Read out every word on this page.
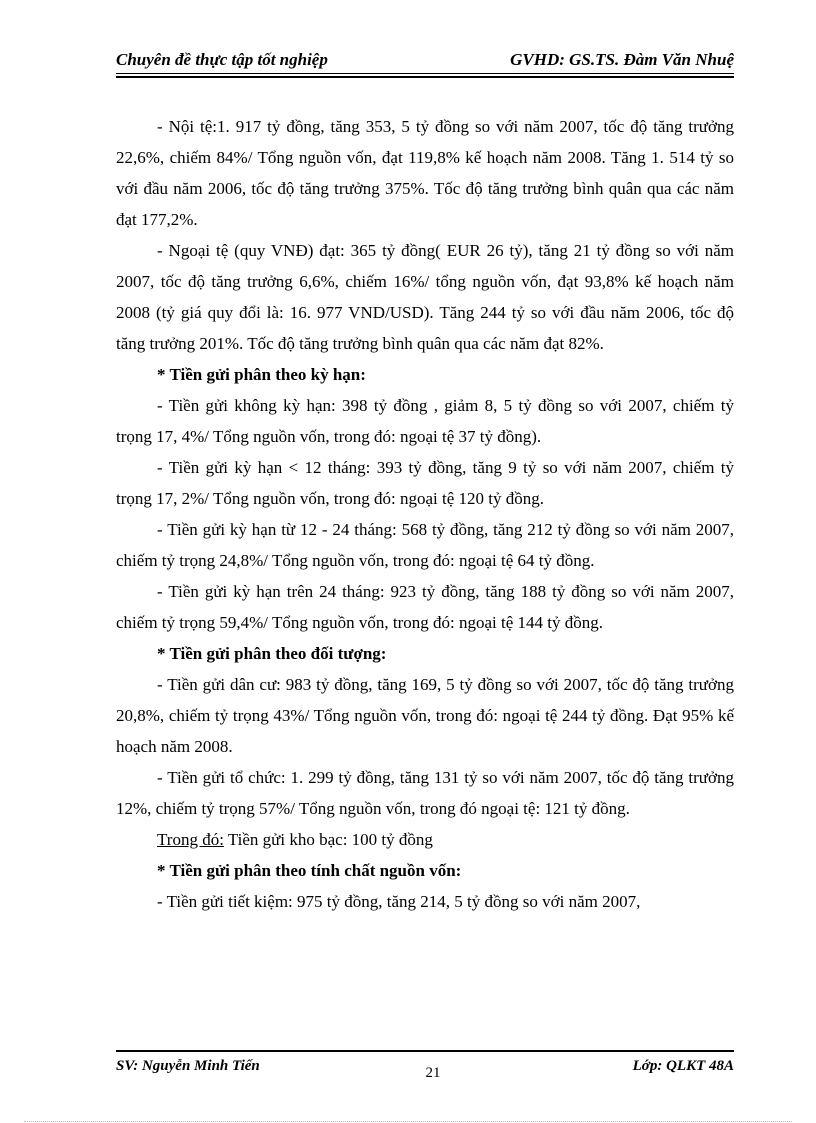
Chuyên đề thực tập tốt nghiệp	GVHD: GS.TS. Đàm Văn Nhuệ

- Nội tệ:1. 917 tỷ đồng, tăng 353, 5 tỷ đồng so với năm 2007, tốc độ tăng trưởng 22,6%, chiếm 84%/ Tổng nguồn vốn, đạt 119,8% kế hoạch năm 2008. Tăng 1. 514 tỷ so với đầu năm 2006, tốc độ tăng trưởng 375%. Tốc độ tăng trưởng bình quân qua các năm đạt 177,2%.

- Ngoại tệ (quy VNĐ) đạt: 365 tỷ đồng( EUR 26 tỷ), tăng 21 tỷ đồng so với năm 2007, tốc độ tăng trưởng 6,6%, chiếm 16%/ tổng nguồn vốn, đạt 93,8% kế hoạch năm 2008 (tỷ giá quy đổi là: 16. 977 VND/USD). Tăng 244 tỷ so với đầu năm 2006, tốc độ tăng trưởng 201%. Tốc độ tăng trưởng bình quân qua các năm đạt 82%.

* Tiền gửi phân theo kỳ hạn:

- Tiền gửi không kỳ hạn: 398 tỷ đồng , giảm 8, 5 tỷ đồng so với 2007, chiếm tỷ trọng 17, 4%/ Tổng nguồn vốn, trong đó: ngoại tệ 37 tỷ đồng).

- Tiền gửi kỳ hạn < 12 tháng: 393 tỷ đồng, tăng 9 tỷ so với năm 2007, chiếm tỷ trọng 17, 2%/ Tổng nguồn vốn, trong đó: ngoại tệ 120 tỷ đồng.

- Tiền gửi kỳ hạn từ 12 - 24 tháng: 568 tỷ đồng, tăng 212 tỷ đồng so với năm 2007, chiếm tỷ trọng 24,8%/ Tổng nguồn vốn, trong đó: ngoại tệ 64 tỷ đồng.

- Tiền gửi kỳ hạn trên 24 tháng: 923 tỷ đồng, tăng 188 tỷ đồng so với năm 2007, chiếm tỷ trọng 59,4%/ Tổng nguồn vốn, trong đó: ngoại tệ 144 tỷ đồng.

* Tiền gửi phân theo đối tượng:

- Tiền gửi dân cư: 983 tỷ đồng, tăng 169, 5 tỷ đồng so với 2007, tốc độ tăng trưởng 20,8%, chiếm tỷ trọng 43%/ Tổng nguồn vốn, trong đó: ngoại tệ 244 tỷ đồng. Đạt 95% kế hoạch năm 2008.

- Tiền gửi tổ chức: 1. 299 tỷ đồng, tăng 131 tỷ so với năm 2007, tốc độ tăng trưởng 12%, chiếm tỷ trọng 57%/ Tổng nguồn vốn, trong đó ngoại tệ: 121 tỷ đồng.

Trong đó: Tiền gửi kho bạc: 100 tỷ đồng

* Tiền gửi phân theo tính chất nguồn vốn:

- Tiền gửi tiết kiệm: 975 tỷ đồng, tăng 214, 5 tỷ đồng so với năm 2007,

SV: Nguyễn Minh Tiến	21	Lớp: QLKT 48A
